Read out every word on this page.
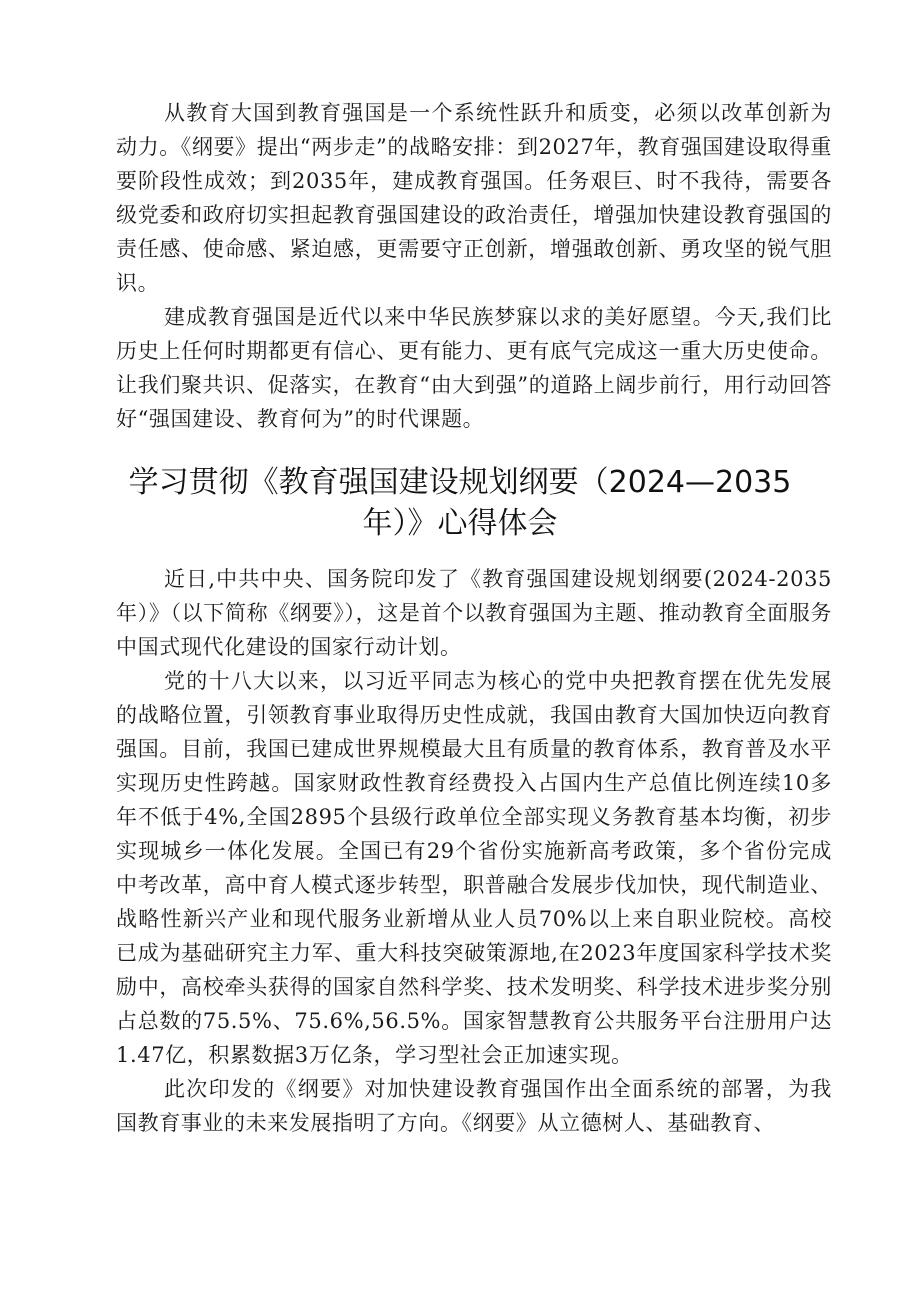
从教育大国到教育强国是一个系统性跃升和质变，必须以改革创新为动力。《纲要》提出“两步走”的战略安排：到2027年，教育强国建设取得重要阶段性成效；到2035年，建成教育强国。任务艰巨、时不我待，需要各级党委和政府切实担起教育强国建设的政治责任，增强加快建设教育强国的责任感、使命感、紧迫感，更需要守正创新，增强敢创新、勇攻坚的锐气胆识。

建成教育强国是近代以来中华民族梦寐以求的美好愿望。今天,我们比历史上任何时期都更有信心、更有能力、更有底气完成这一重大历史使命。让我们聚共识、促落实，在教育“由大到强”的道路上阔步前行，用行动回答好“强国建设、教育何为”的时代课题。

学习贯彻《教育强国建设规划纲要（2024—2035年）》心得体会

近日,中共中央、国务院印发了《教育强国建设规划纲要(2024-2035年）》（以下简称《纲要》），这是首个以教育强国为主题、推动教育全面服务中国式现代化建设的国家行动计划。

党的十八大以来，以习近平同志为核心的党中央把教育摆在优先发展的战略位置，引领教育事业取得历史性成就，我国由教育大国加快迈向教育强国。目前，我国已建成世界规模最大且有质量的教育体系，教育普及水平实现历史性跨越。国家财政性教育经费投入占国内生产总值比例连续10多年不低于4%,全国2895个县级行政单位全部实现义务教育基本均衡，初步实现城乡一体化发展。全国已有29个省份实施新高考政策，多个省份完成中考改革，高中育人模式逐步转型，职普融合发展步伐加快，现代制造业、战略性新兴产业和现代服务业新增从业人员70%以上来自职业院校。高校已成为基础研究主力军、重大科技突破策源地,在2023年度国家科学技术奖励中，高校牵头获得的国家自然科学奖、技术发明奖、科学技术进步奖分别占总数的75.5%、75.6%,56.5%。国家智慧教育公共服务平台注册用户达1.47亿，积累数据3万亿条，学习型社会正加速实现。

此次印发的《纲要》对加快建设教育强国作出全面系统的部署，为我国教育事业的未来发展指明了方向。《纲要》从立德树人、基础教育、
